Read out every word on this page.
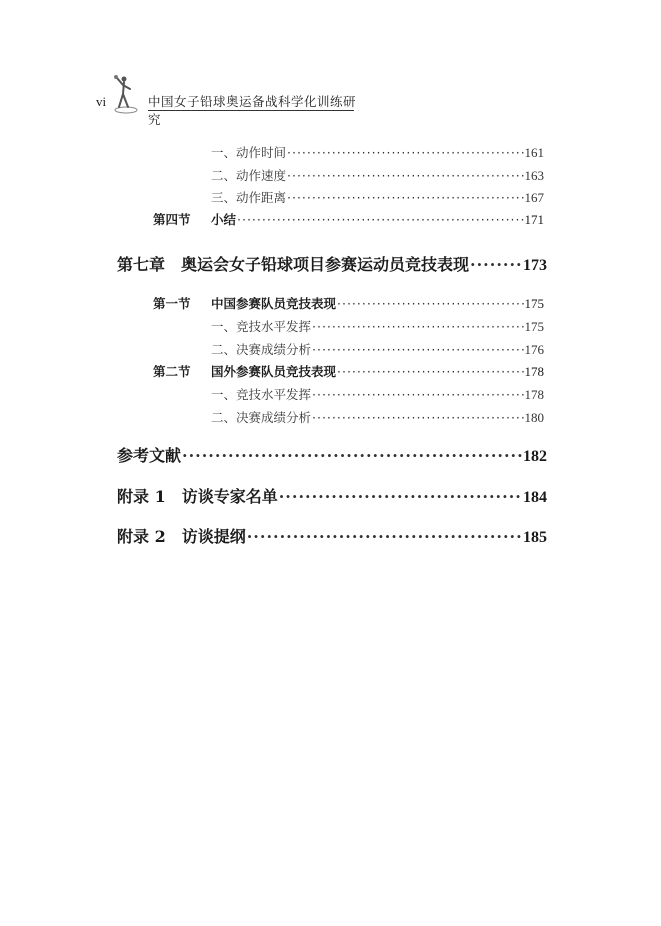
vi	中国女子铅球奥运备战科学化训练研究
一、动作时间 ·····	161
二、动作速度 ·····	163
三、动作距离 ·····	167
第四节	小结 ·····	171
第七章 奥运会女子铅球项目参赛运动员竞技表现 ·····	173
第一节	中国参赛队员竞技表现 ·····	175
一、竞技水平发挥 ·····	175
二、决赛成绩分析 ·····	176
第二节	国外参赛队员竞技表现 ·····	178
一、竞技水平发挥 ·····	178
二、决赛成绩分析 ·····	180
参考文献 ·····	182
附录 1 访谈专家名单 ·····	184
附录 2 访谈提纲 ·····	185
